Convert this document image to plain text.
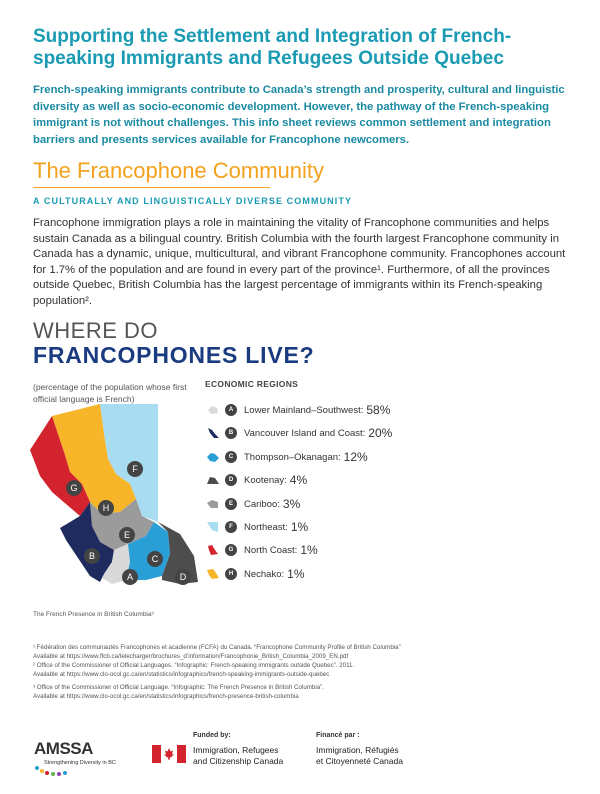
Supporting the Settlement and Integration of French-speaking Immigrants and Refugees Outside Quebec
French-speaking immigrants contribute to Canada’s strength and prosperity, cultural and linguistic diversity as well as socio-economic development. However, the pathway of the French-speaking immigrant is not without challenges. This info sheet reviews common settlement and integration barriers and presents services available for Francophone newcomers.
The Francophone Community
A CULTURALLY AND LINGUISTICALLY DIVERSE COMMUNITY
Francophone immigration plays a role in maintaining the vitality of Francophone communities and helps sustain Canada as a bilingual country. British Columbia with the fourth largest Francophone community in Canada has a dynamic, unique, multicultural, and vibrant Francophone community. Francophones account for 1.7% of the population and are found in every part of the province¹. Furthermore, of all the provinces outside Quebec, British Columbia has the largest percentage of immigrants within its French-speaking population².
WHERE DO
FRANCOPHONES LIVE?
(percentage of the population whose first official language is French)
F
G
H
E
B	C
A	D
The French Presence in British Columbia³
ECONOMIC REGIONS
A	Lower Mainland–Southwest: 58%
B	Vancouver Island and Coast: 20%
C	Thompson–Okanagan: 12%
D	Kootenay: 4%
E	Cariboo: 3%
F	Northeast: 1%
G	North Coast: 1%
H	Nechako: 1%
¹ Fédération des communautés Francophones et acadienne (FCFA) du Canada. “Francophone Community Profile of British Columbia”
Available at https://www.ffcb.ca/telecharger/brochures_d’information/Francophonie_British_Columbia_2009_EN.pdf
² Office of the Commissioner of Official Languages. “Infographic: French-speaking immigrants outside Quebec”. 2011.
Available at https://www.clo-ocol.gc.ca/en/statistics/infographics/french-speaking-immigrants-outside-quebec
³ Office of the Commissioner of Official Language. “Infographic: The French Presence in British Columbia”.
Available at https://www.clo-ocol.gc.ca/en/statistics/infographics/french-presence-british-columbia
AMSSA
Strengthening Diversity in BC
Funded by:	Financé par :
Immigration, Refugees
and Citizenship Canada
Immigration, Réfugiés
et Citoyenneté Canada
